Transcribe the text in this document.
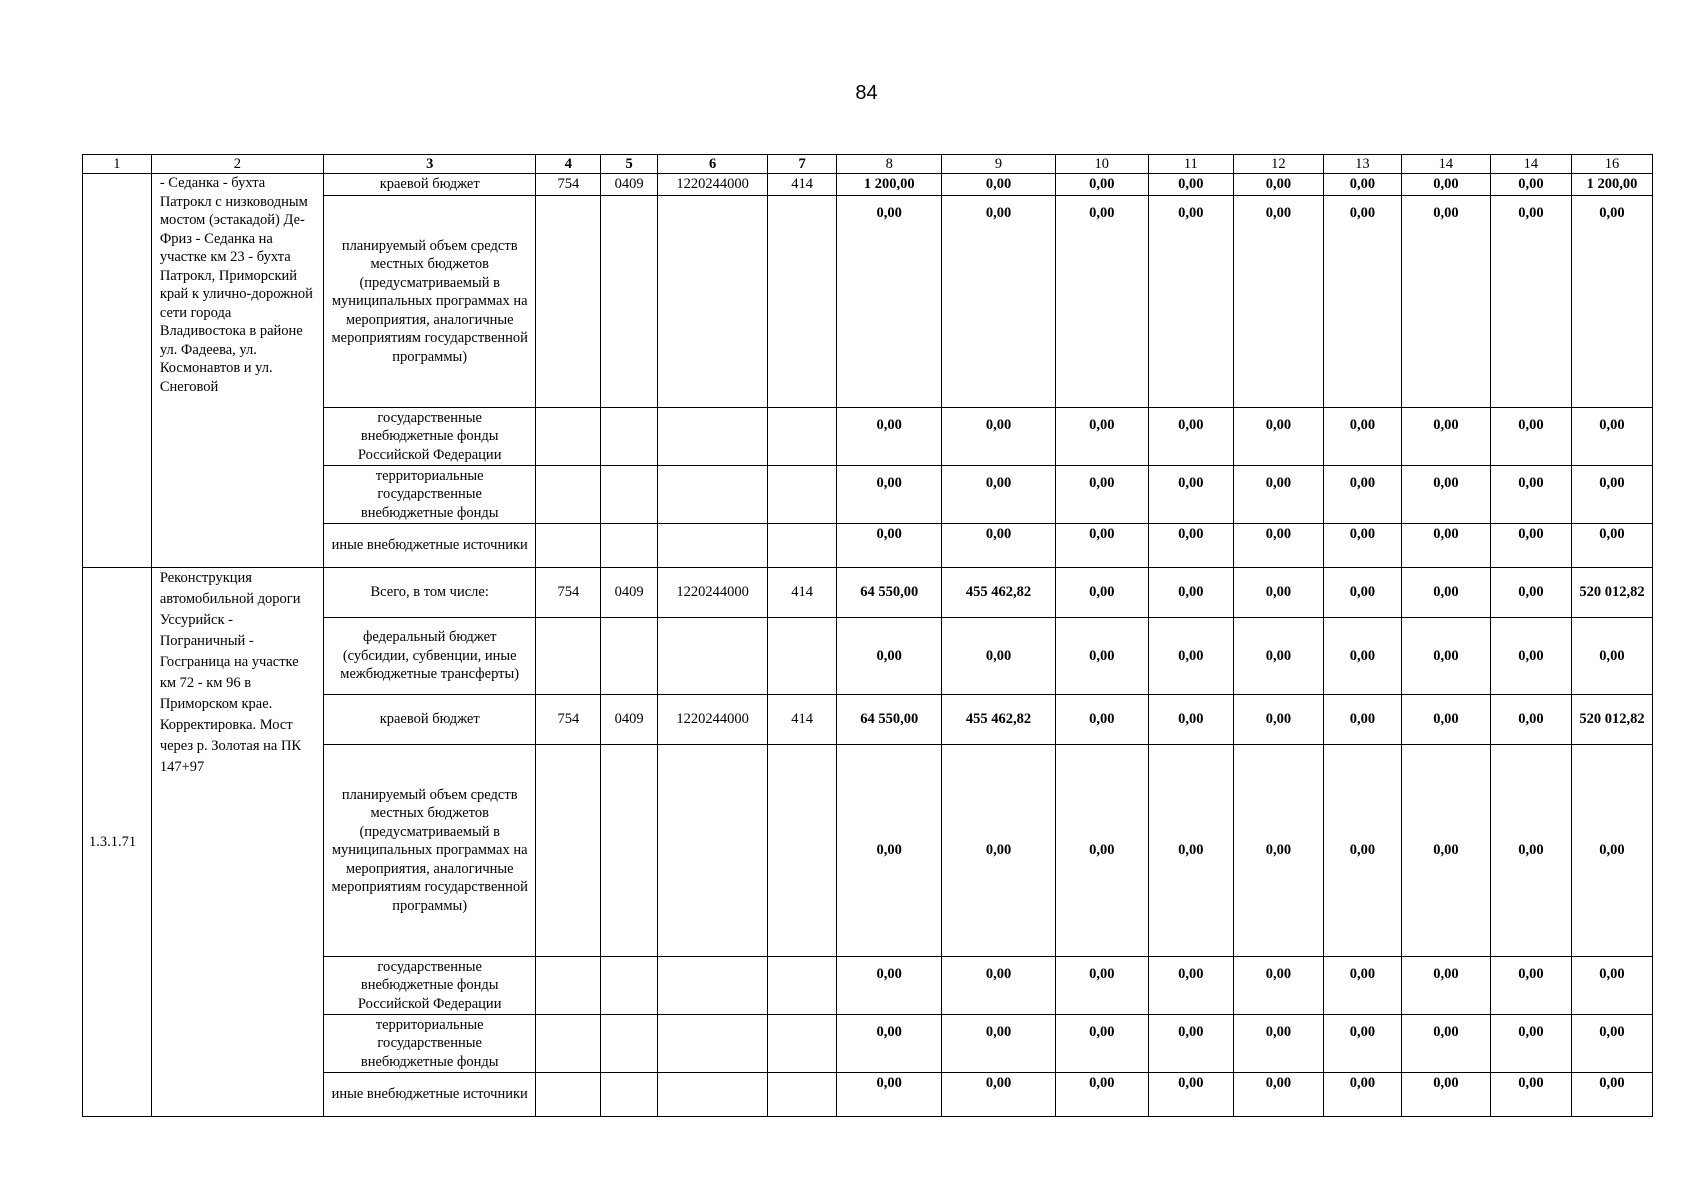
84
1	2	3	4	5	6	7	8	9	10	11	12	13	14	14	16
	- Седанка - бухта Патрокл с низководным мостом (эстакадой) Де-Фриз - Седанка на участке км 23 - бухта Патрокл, Приморский край к улично-дорожной сети города Владивостока в районе ул. Фадеева, ул. Космонавтов и ул. Снеговой	краевой бюджет	754	0409	1220244000	414	1 200,00	0,00	0,00	0,00	0,00	0,00	0,00	0,00	1 200,00
		планируемый объем средств местных бюджетов (предусматриваемый в муниципальных программах на мероприятия, аналогичные мероприятиям государственной программы)					0,00	0,00	0,00	0,00	0,00	0,00	0,00	0,00	0,00
		государственные внебюджетные фонды Российской Федерации					0,00	0,00	0,00	0,00	0,00	0,00	0,00	0,00	0,00
		территориальные государственные внебюджетные фонды					0,00	0,00	0,00	0,00	0,00	0,00	0,00	0,00	0,00
		иные внебюджетные источники					0,00	0,00	0,00	0,00	0,00	0,00	0,00	0,00	0,00
1.3.1.71	Реконструкция автомобильной дороги Уссурийск - Пограничный - Госграница на участке км 72 - км 96 в Приморском крае. Корректировка. Мост через р. Золотая на ПК 147+97	Всего, в том числе:	754	0409	1220244000	414	64 550,00	455 462,82	0,00	0,00	0,00	0,00	0,00	0,00	520 012,82
		федеральный бюджет (субсидии, субвенции, иные межбюджетные трансферты)					0,00	0,00	0,00	0,00	0,00	0,00	0,00	0,00	0,00
		краевой бюджет	754	0409	1220244000	414	64 550,00	455 462,82	0,00	0,00	0,00	0,00	0,00	0,00	520 012,82
		планируемый объем средств местных бюджетов (предусматриваемый в муниципальных программах на мероприятия, аналогичные мероприятиям государственной программы)					0,00	0,00	0,00	0,00	0,00	0,00	0,00	0,00	0,00
		государственные внебюджетные фонды Российской Федерации					0,00	0,00	0,00	0,00	0,00	0,00	0,00	0,00	0,00
		территориальные государственные внебюджетные фонды					0,00	0,00	0,00	0,00	0,00	0,00	0,00	0,00	0,00
		иные внебюджетные источники					0,00	0,00	0,00	0,00	0,00	0,00	0,00	0,00	0,00
